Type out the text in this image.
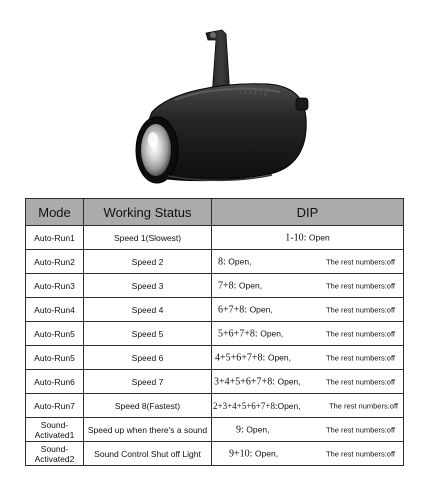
Mode	Working Status	DIP
Auto-Run1	Speed 1(Slowest)	1-10: Open

Auto-Run2	Speed 2	8: Open, The rest numbers:off

Auto-Run3	Speed 3	7+8: Open, The rest numbers:off

Auto-Run4	Speed 4	6+7+8: Open, The rest numbers:off

Auto-Run5	Speed 5	5+6+7+8: Open, The rest numbers:off

Auto-Run5	Speed 6	4+5+6+7+8: Open, The rest numbers:off

Auto-Run6	Speed 7	3+4+5+6+7+8: Open, The rest numbers:off

Auto-Run7	Speed 8(Fastest)	2+3+4+5+6+7+8:Open, The rest numbers:off

Sound-
Activated1	Speed up when there's a sound	9: Open, The rest numbers:off

Sound-
Activated2	Sound Control Shut off Light	9+10: Open, The rest numbers:off
